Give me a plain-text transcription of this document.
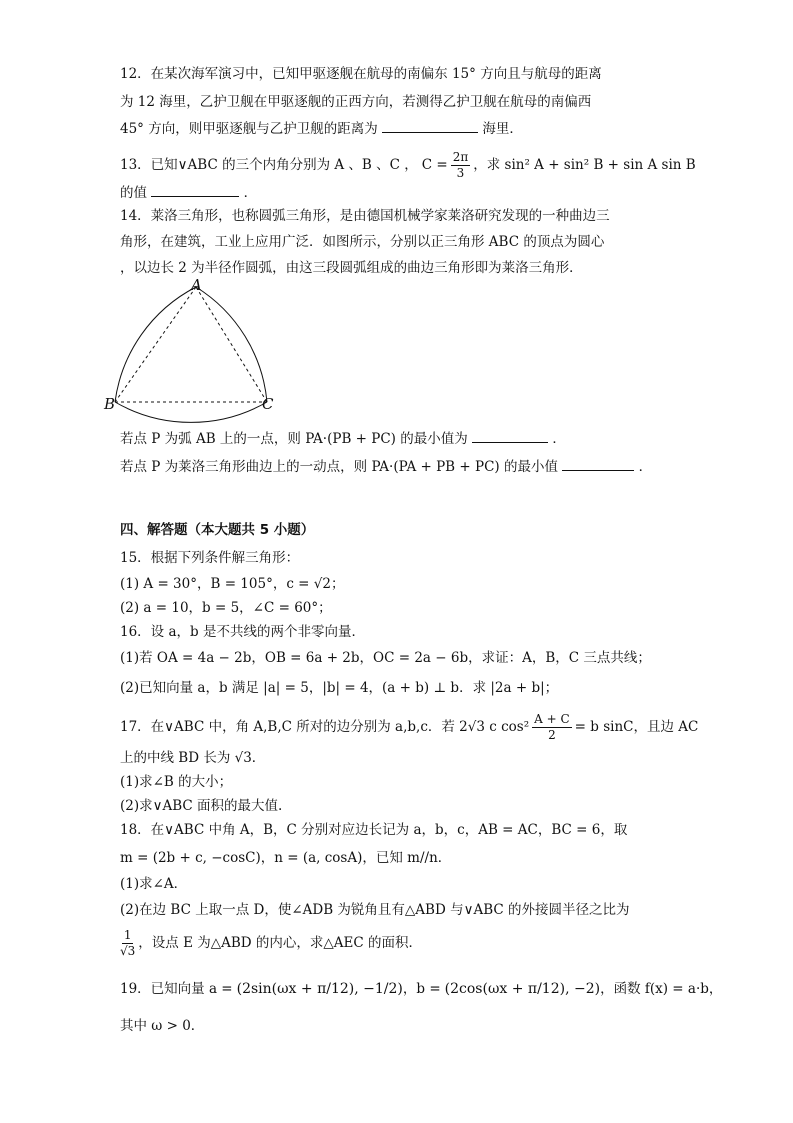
12．在某次海军演习中，已知甲驱逐舰在航母的南偏东 15° 方向且与航母的距离
为 12 海里，乙护卫舰在甲驱逐舰的正西方向，若测得乙护卫舰在航母的南偏西
45° 方向，则甲驱逐舰与乙护卫舰的距离为	海里．
13．已知∨ABC 的三个内角分别为 A 、B 、C ， $C = \frac{2\pi}{3}$ ，求 sin² A + sin² B + sin A sin B
的值	．
14．莱洛三角形，也称圆弧三角形，是由德国机械学家莱洛研究发现的一种曲边三
角形，在建筑，工业上应用广泛．如图所示，分别以正三角形 ABC 的顶点为圆心
，以边长 2 为半径作圆弧，由这三段圆弧组成的曲边三角形即为莱洛三角形．
A
B	C
若点 P 为弧 AB 上的一点，则 PA·(PB + PC) 的最小值为	．
若点 P 为莱洛三角形曲边上的一动点，则 PA·(PA + PB + PC) 的最小值	．
四、解答题（本大题共 5 小题）
15．根据下列条件解三角形：
(1) A = 30°，B = 105°，c = √2；
(2) a = 10，b = 5，∠C = 60°；
16．设 a，b 是不共线的两个非零向量．
(1)若 OA = 4a − 2b，OB = 6a + 2b，OC = 2a − 6b，求证：A，B，C 三点共线；
(2)已知向量 a，b 满足 |a| = 5，|b| = 4，(a + b) ⊥ b．求 |2a + b|；
17．在∨ABC 中，角 A,B,C 所对的边分别为 a,b,c．若 2√3 c $\cos^2 \frac{A + C}{2} = b$ sinC，且边 AC
上的中线 BD 长为 √3．
(1)求∠B 的大小；
(2)求∨ABC 面积的最大值.
18．在∨ABC 中角 A，B，C 分别对应边长记为 a，b，c，AB = AC，BC = 6，取
m = (2b + c, −cosC)，n = (a, cosA)，已知 m//n．
(1)求∠A．
(2)在边 BC 上取一点 D，使∠ADB 为锐角且有△ABD 与∨ABC 的外接圆半径之比为
$\frac{1}{√3}$ ，设点 E 为△ABD 的内心，求△AEC 的面积．
19．已知向量 a = (2sin(ωx + π/12), −1/2) ，b = (2cos(ωx + π/12), −2) ，函数 f(x) = a·b，
其中 ω > 0．
